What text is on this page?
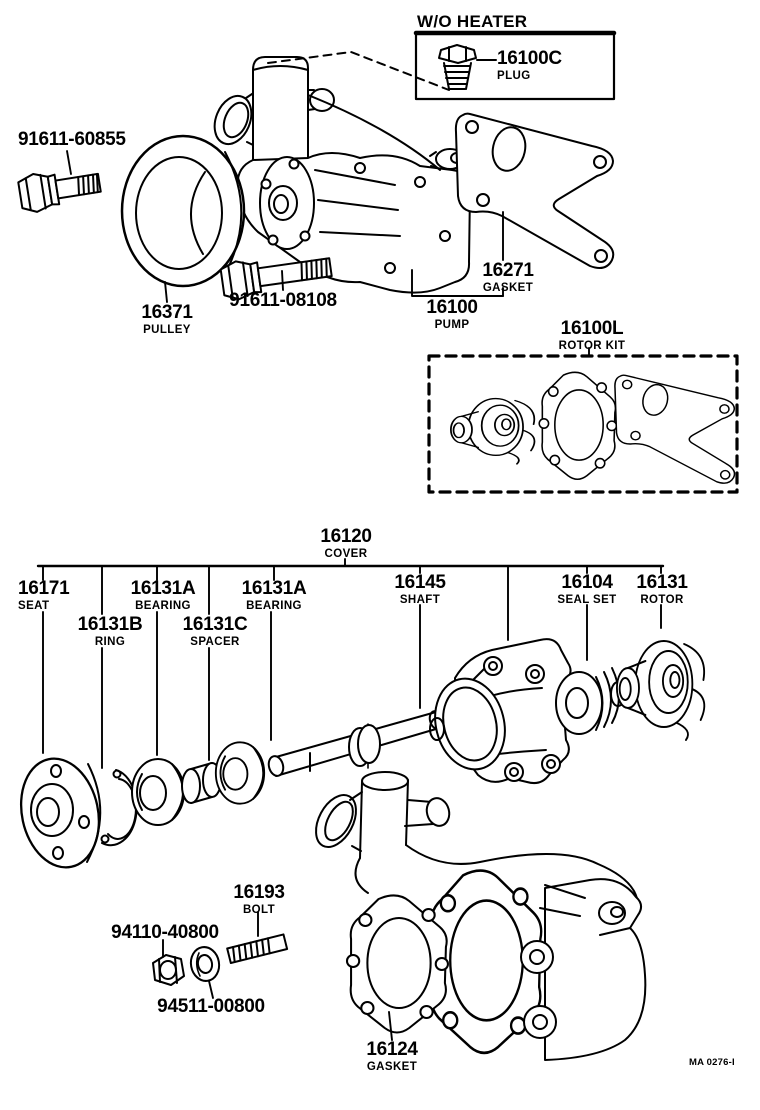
W/O HEATER
16100C
PLUG
91611-60855
16371
PULLEY
91611-08108	16100
PUMP
16271
GASKET
16100L
ROTOR KIT
16120
COVER
16171
SEAT
16131A
BEARING
16131A
BEARING
16131B
RING
16131C
SPACER
16145
SHAFT
16104
SEAL SET
16131
ROTOR
16193
BOLT
94110-40800
94511-00800
16124
GASKET	MA 0276-I
